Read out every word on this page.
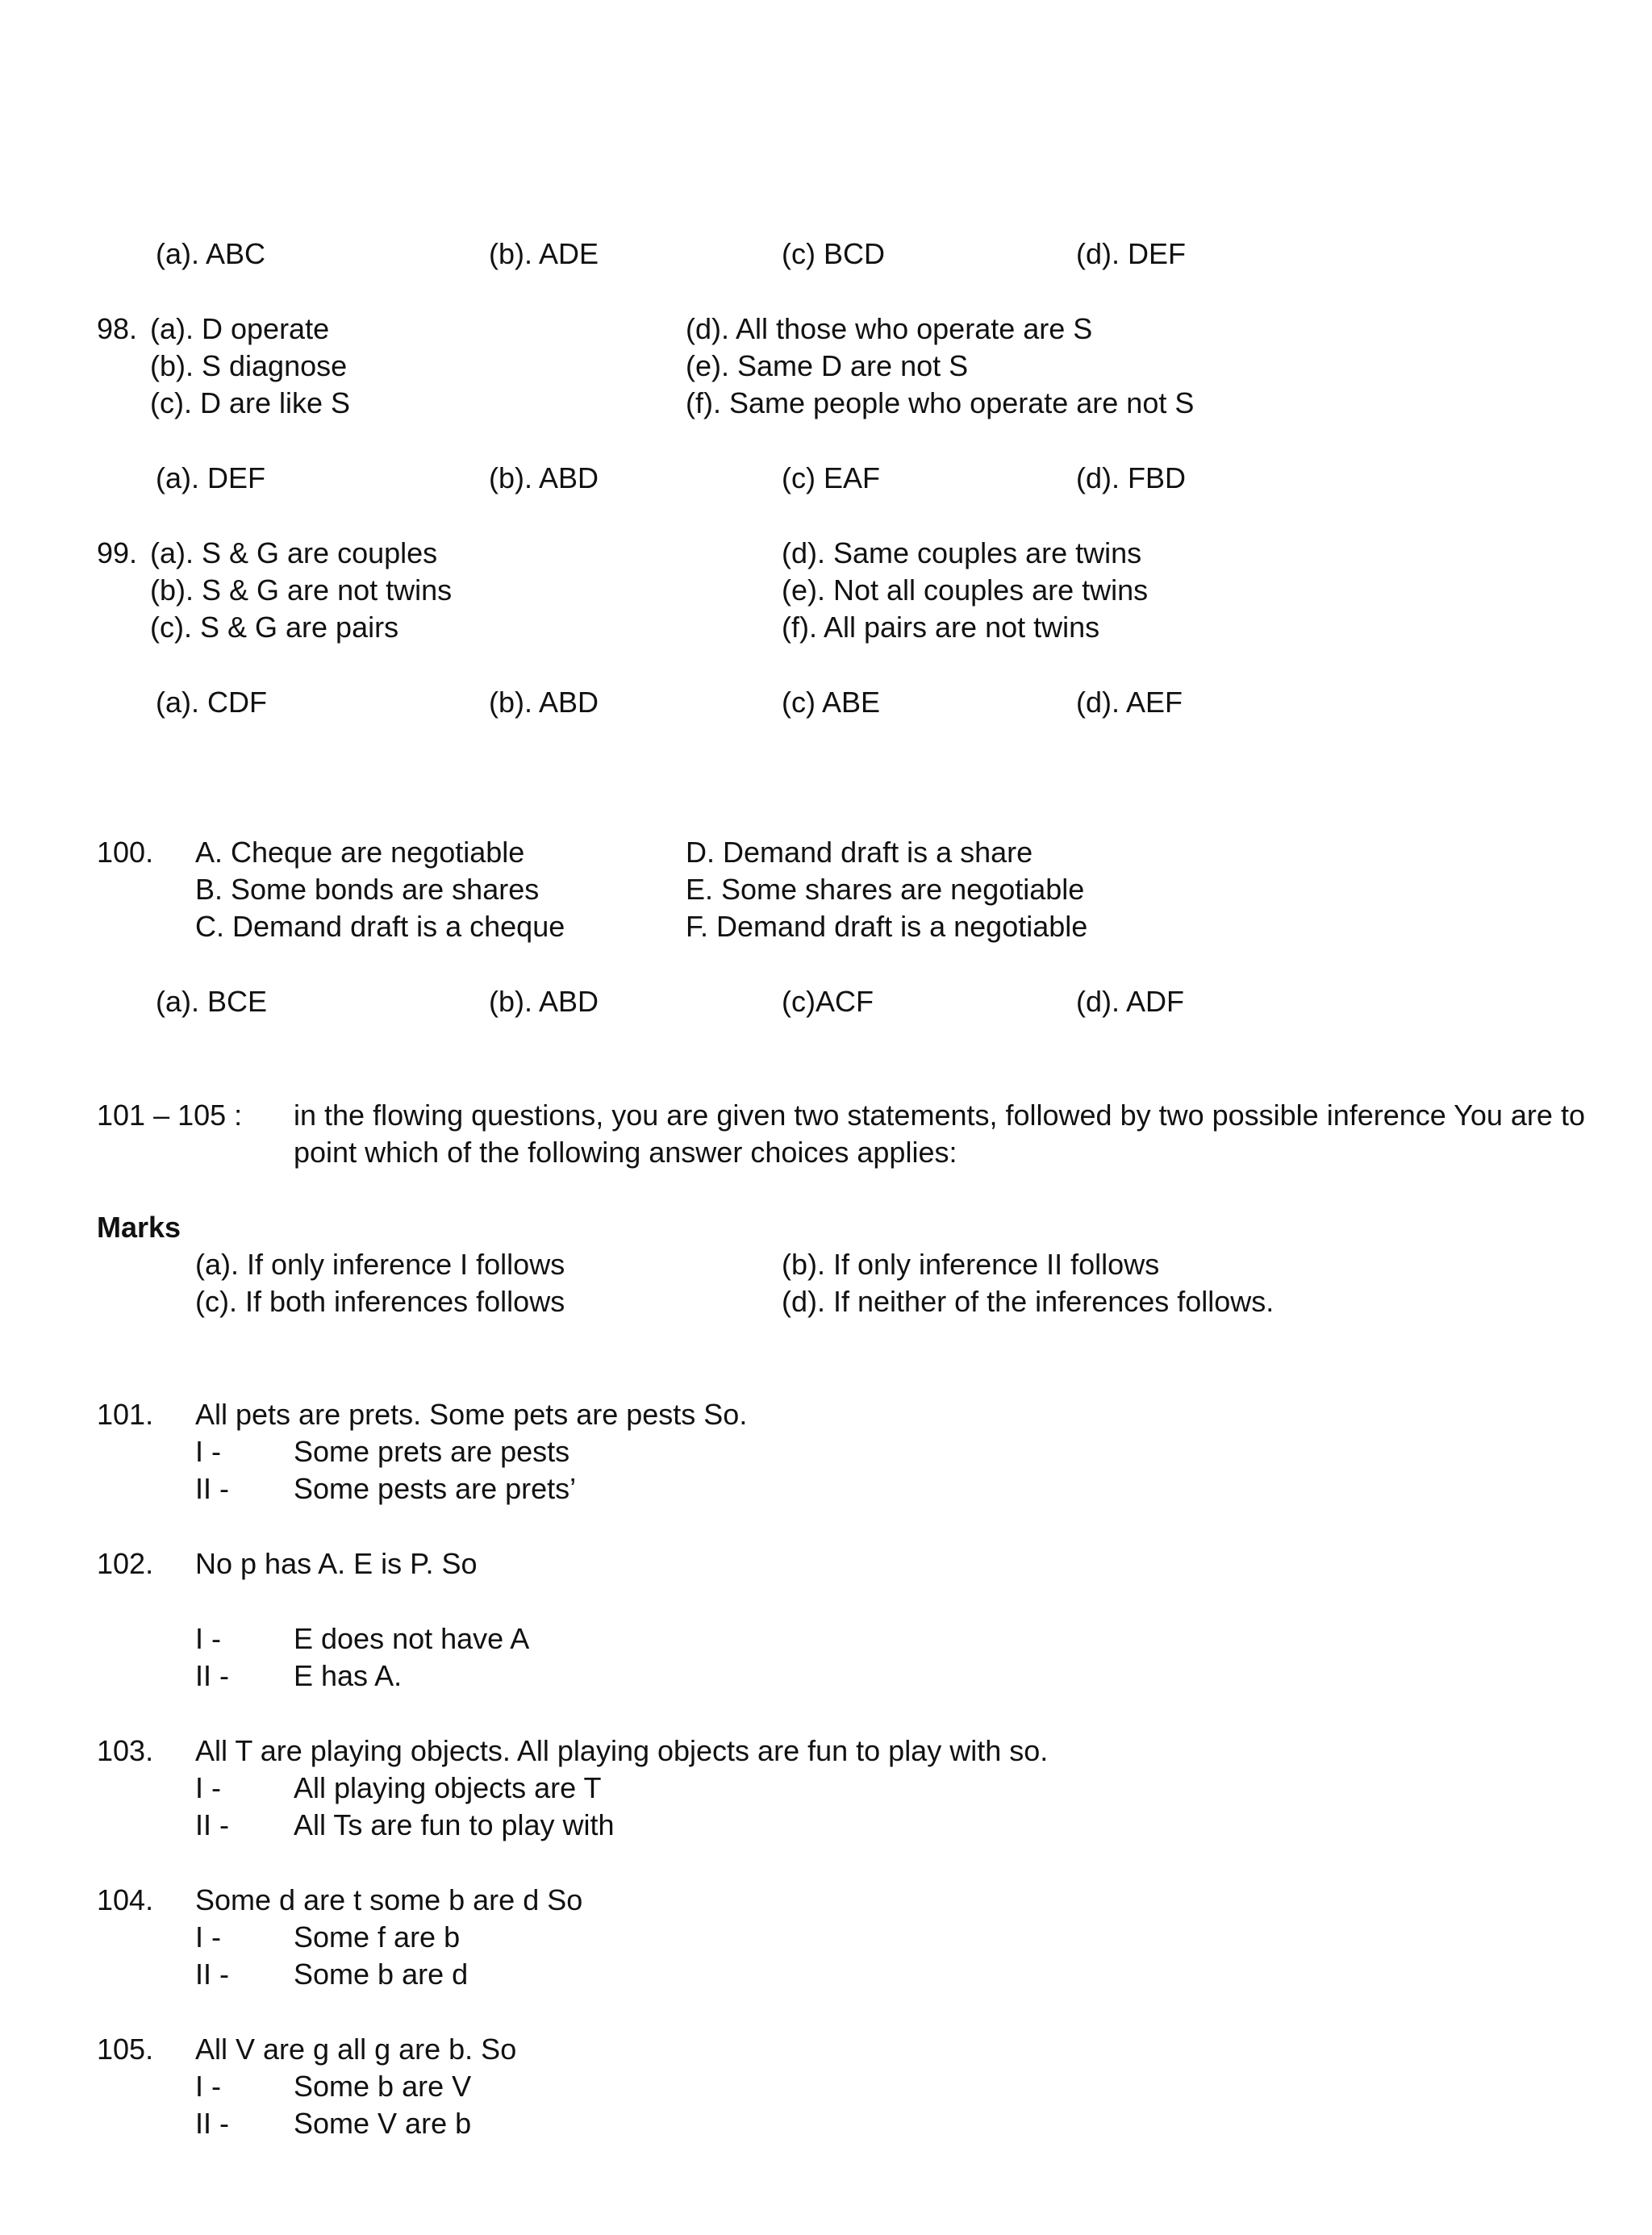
(a). ABC	(b). ADE	(c) BCD	(d). DEF
98. (a). D operate
(b). S diagnose
(c). D are like S
(d). All those who operate are S
(e). Same D are not S
(f). Same people who operate are not S
(a). DEF	(b). ABD	(c) EAF	(d). FBD
99. (a). S & G are couples
(b). S & G are not twins
(c). S & G are pairs
(d). Same couples are twins
(e). Not all couples are twins
(f). All pairs are not twins
(a). CDF	(b). ABD	(c) ABE	(d). AEF
100. A. Cheque are negotiable
B. Some bonds are shares
C. Demand draft is a cheque
D. Demand draft is a share
E. Some shares are negotiable
F. Demand draft is a negotiable
(a). BCE	(b). ABD	(c)ACF	(d). ADF
101 – 105 : in the flowing questions, you are given two statements, followed by two possible inference You are to
point which of the following answer choices applies:
Marks
(a). If only inference I follows	(b). If only inference II follows
(c). If both inferences follows	(d). If neither of the inferences follows.
101. All pets are prets. Some pets are pests So.
I -	Some prets are pests
II - Some pests are prets’
102. No p has A. E is P. So
I -	E does not have A
II - E has A.
103. All T are playing objects. All playing objects are fun to play with so.
I -	All playing objects are T
II - All Ts are fun to play with
104. Some d are t some b are d So
I -	Some f are b
II - Some b are d
105. All V are g all g are b. So
I -	Some b are V
II - Some V are b
